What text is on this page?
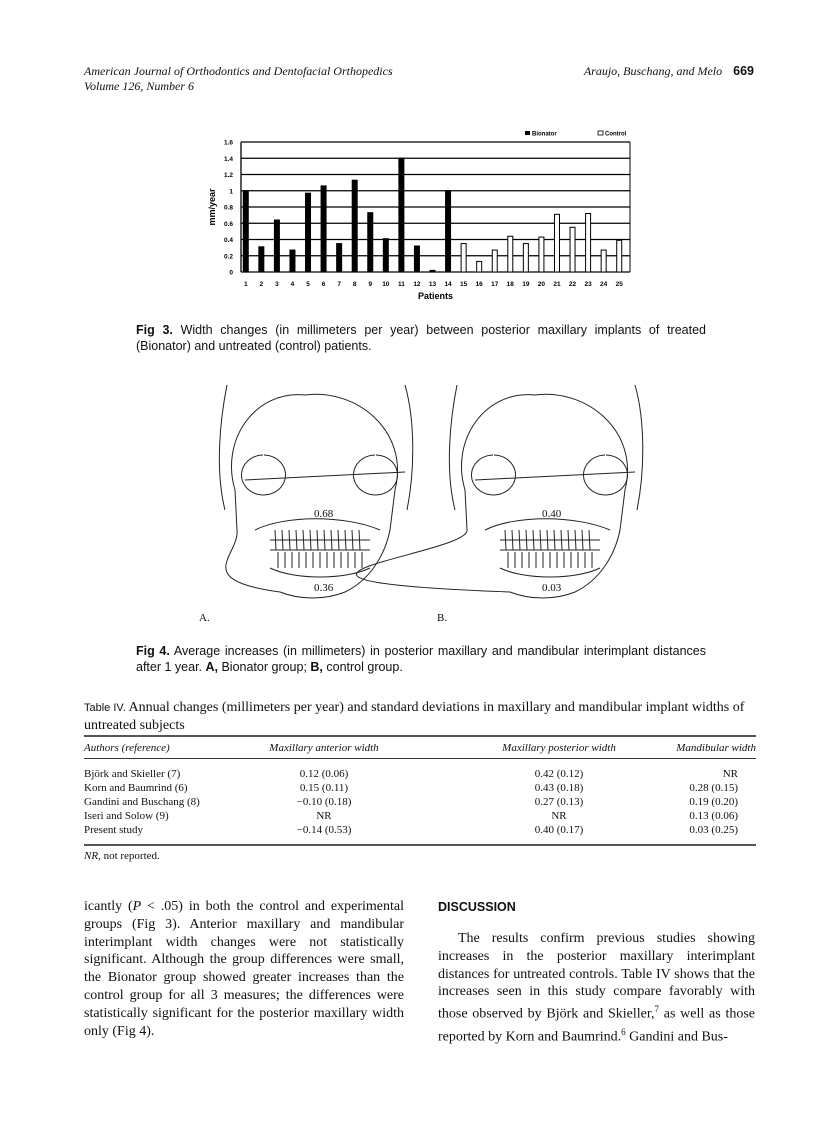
American Journal of Orthodontics and Dentofacial Orthopedics
Volume 126, Number 6
Araujo, Buschang, and Melo 669
0
0.2
0.4
0.6
0.8
1
1.2
1.4
1.6
1 2 3 4 5 6 7 8 9 10 11 12 13 14 15 16 17 18 19 20 21 22 23 24 25
Patients
mm/year
Bionator	Control
Fig 3. Width changes (in millimeters per year) between posterior maxillary implants of treated (Bionator) and untreated (control) patients.
A.	B.
0.68
0.36
0.40
0.03
Fig 4. Average increases (in millimeters) in posterior maxillary and mandibular interimplant distances after 1 year. A, Bionator group; B, control group.
Table IV. Annual changes (millimeters per year) and standard deviations in maxillary and mandibular implant widths of untreated subjects
Authors (reference)	Maxillary anterior width	Maxillary posterior width	Mandibular width

Björk and Skieller (7)	0.12 (0.06)	0.42 (0.12)	NR
Korn and Baumrind (6)	0.15 (0.11)	0.43 (0.18)	0.28 (0.15)
Gandini and Buschang (8)	−0.10 (0.18)	0.27 (0.13)	0.19 (0.20)
Iseri and Solow (9)	NR	NR	0.13 (0.06)
Present study	−0.14 (0.53)	0.40 (0.17)	0.03 (0.25)
NR, not reported.
icantly (P < .05) in both the control and experimental groups (Fig 3). Anterior maxillary and mandibular interimplant width changes were not statistically significant. Although the group differences were small, the Bionator group showed greater increases than the control group for all 3 measures; the differences were statistically significant for the posterior maxillary width only (Fig 4).
DISCUSSION
The results confirm previous studies showing increases in the posterior maxillary interimplant distances for untreated controls. Table IV shows that the increases seen in this study compare favorably with those observed by Björk and Skieller,$^7$ as well as those reported by Korn and Baumrind.$^6$ Gandini and Bus-
